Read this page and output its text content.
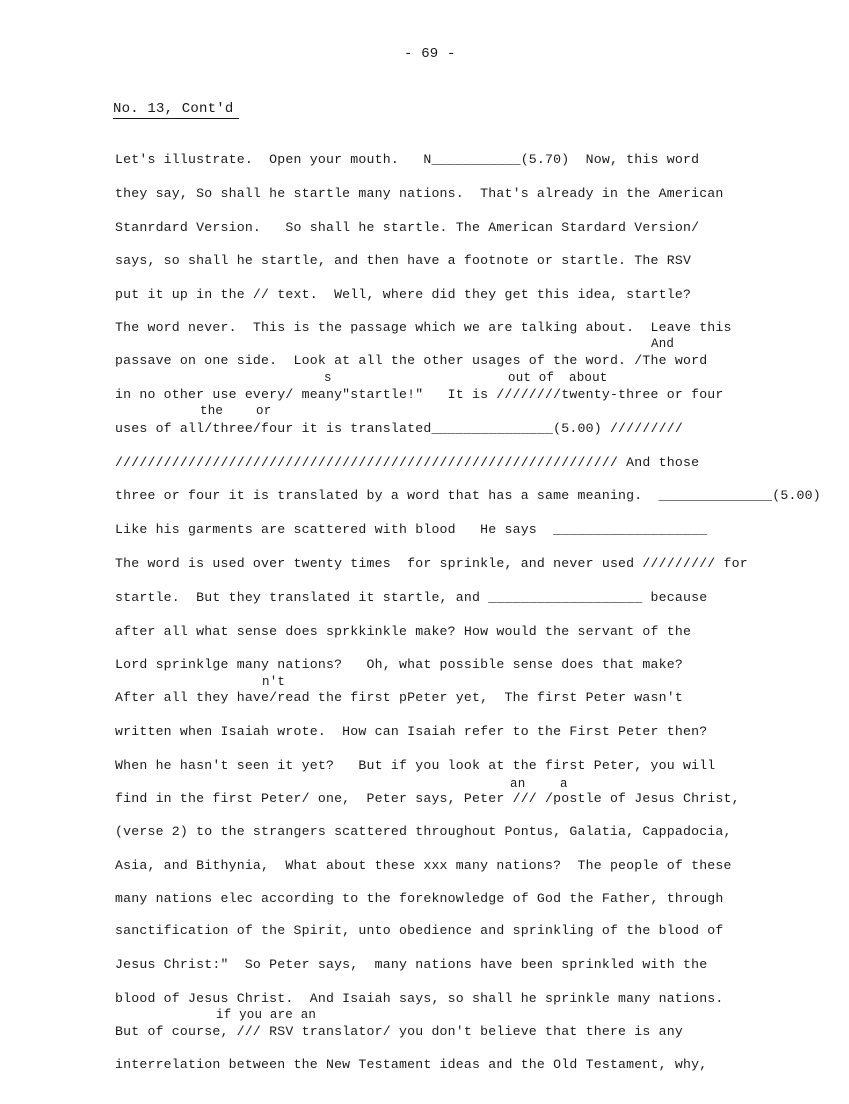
- 69 -
No. 13, Cont'd
And
s	out of about
the	or
n't
an	a
if you are an
Let's illustrate.  Open your mouth.   N___________(5.70)  Now, this word
they say, So shall he startle many nations.  That's already in the American
Stanrdard Version.   So shall he startle. The American Stardard Version/
says, so shall he startle, and then have a footnote or startle. The RSV
put it up in the // text.  Well, where did they get this idea, startle?
The word never.  This is the passage which we are talking about.  Leave this
passave on one side.  Look at all the other usages of the word. /The word
in no other use every/ meany"startle!"   It is ////////twenty-three or four
uses of all/three/four it is translated_______________(5.00) /////////
////////////////////////////////////////////////////////////// And those
three or four it is translated by a word that has a same meaning.  ______________(5.00)
Like his garments are scattered with blood   He says  ___________________
The word is used over twenty times  for sprinkle, and never used ///////// for
startle.  But they translated it startle, and ___________________ because
after all what sense does sprkkinkle make? How would the servant of the
Lord sprinklge many nations?   Oh, what possible sense does that make?
After all they have/read the first pPeter yet,  The first Peter wasn't
written when Isaiah wrote.  How can Isaiah refer to the First Peter then?
When he hasn't seen it yet?   But if you look at the first Peter, you will
find in the first Peter/ one,  Peter says, Peter /// /postle of Jesus Christ,
(verse 2) to the strangers scattered throughout Pontus, Galatia, Cappadocia,
Asia, and Bithynia,  What about these xxx many nations?  The people of these
many nations elec according to the foreknowledge of God the Father, through
sanctification of the Spirit, unto obedience and sprinkling of the blood of
Jesus Christ:"  So Peter says,  many nations have been sprinkled with the
blood of Jesus Christ.  And Isaiah says, so shall he sprinkle many nations.
But of course, /// RSV translator/ you don't believe that there is any
interrelation between the New Testament ideas and the Old Testament, why,
